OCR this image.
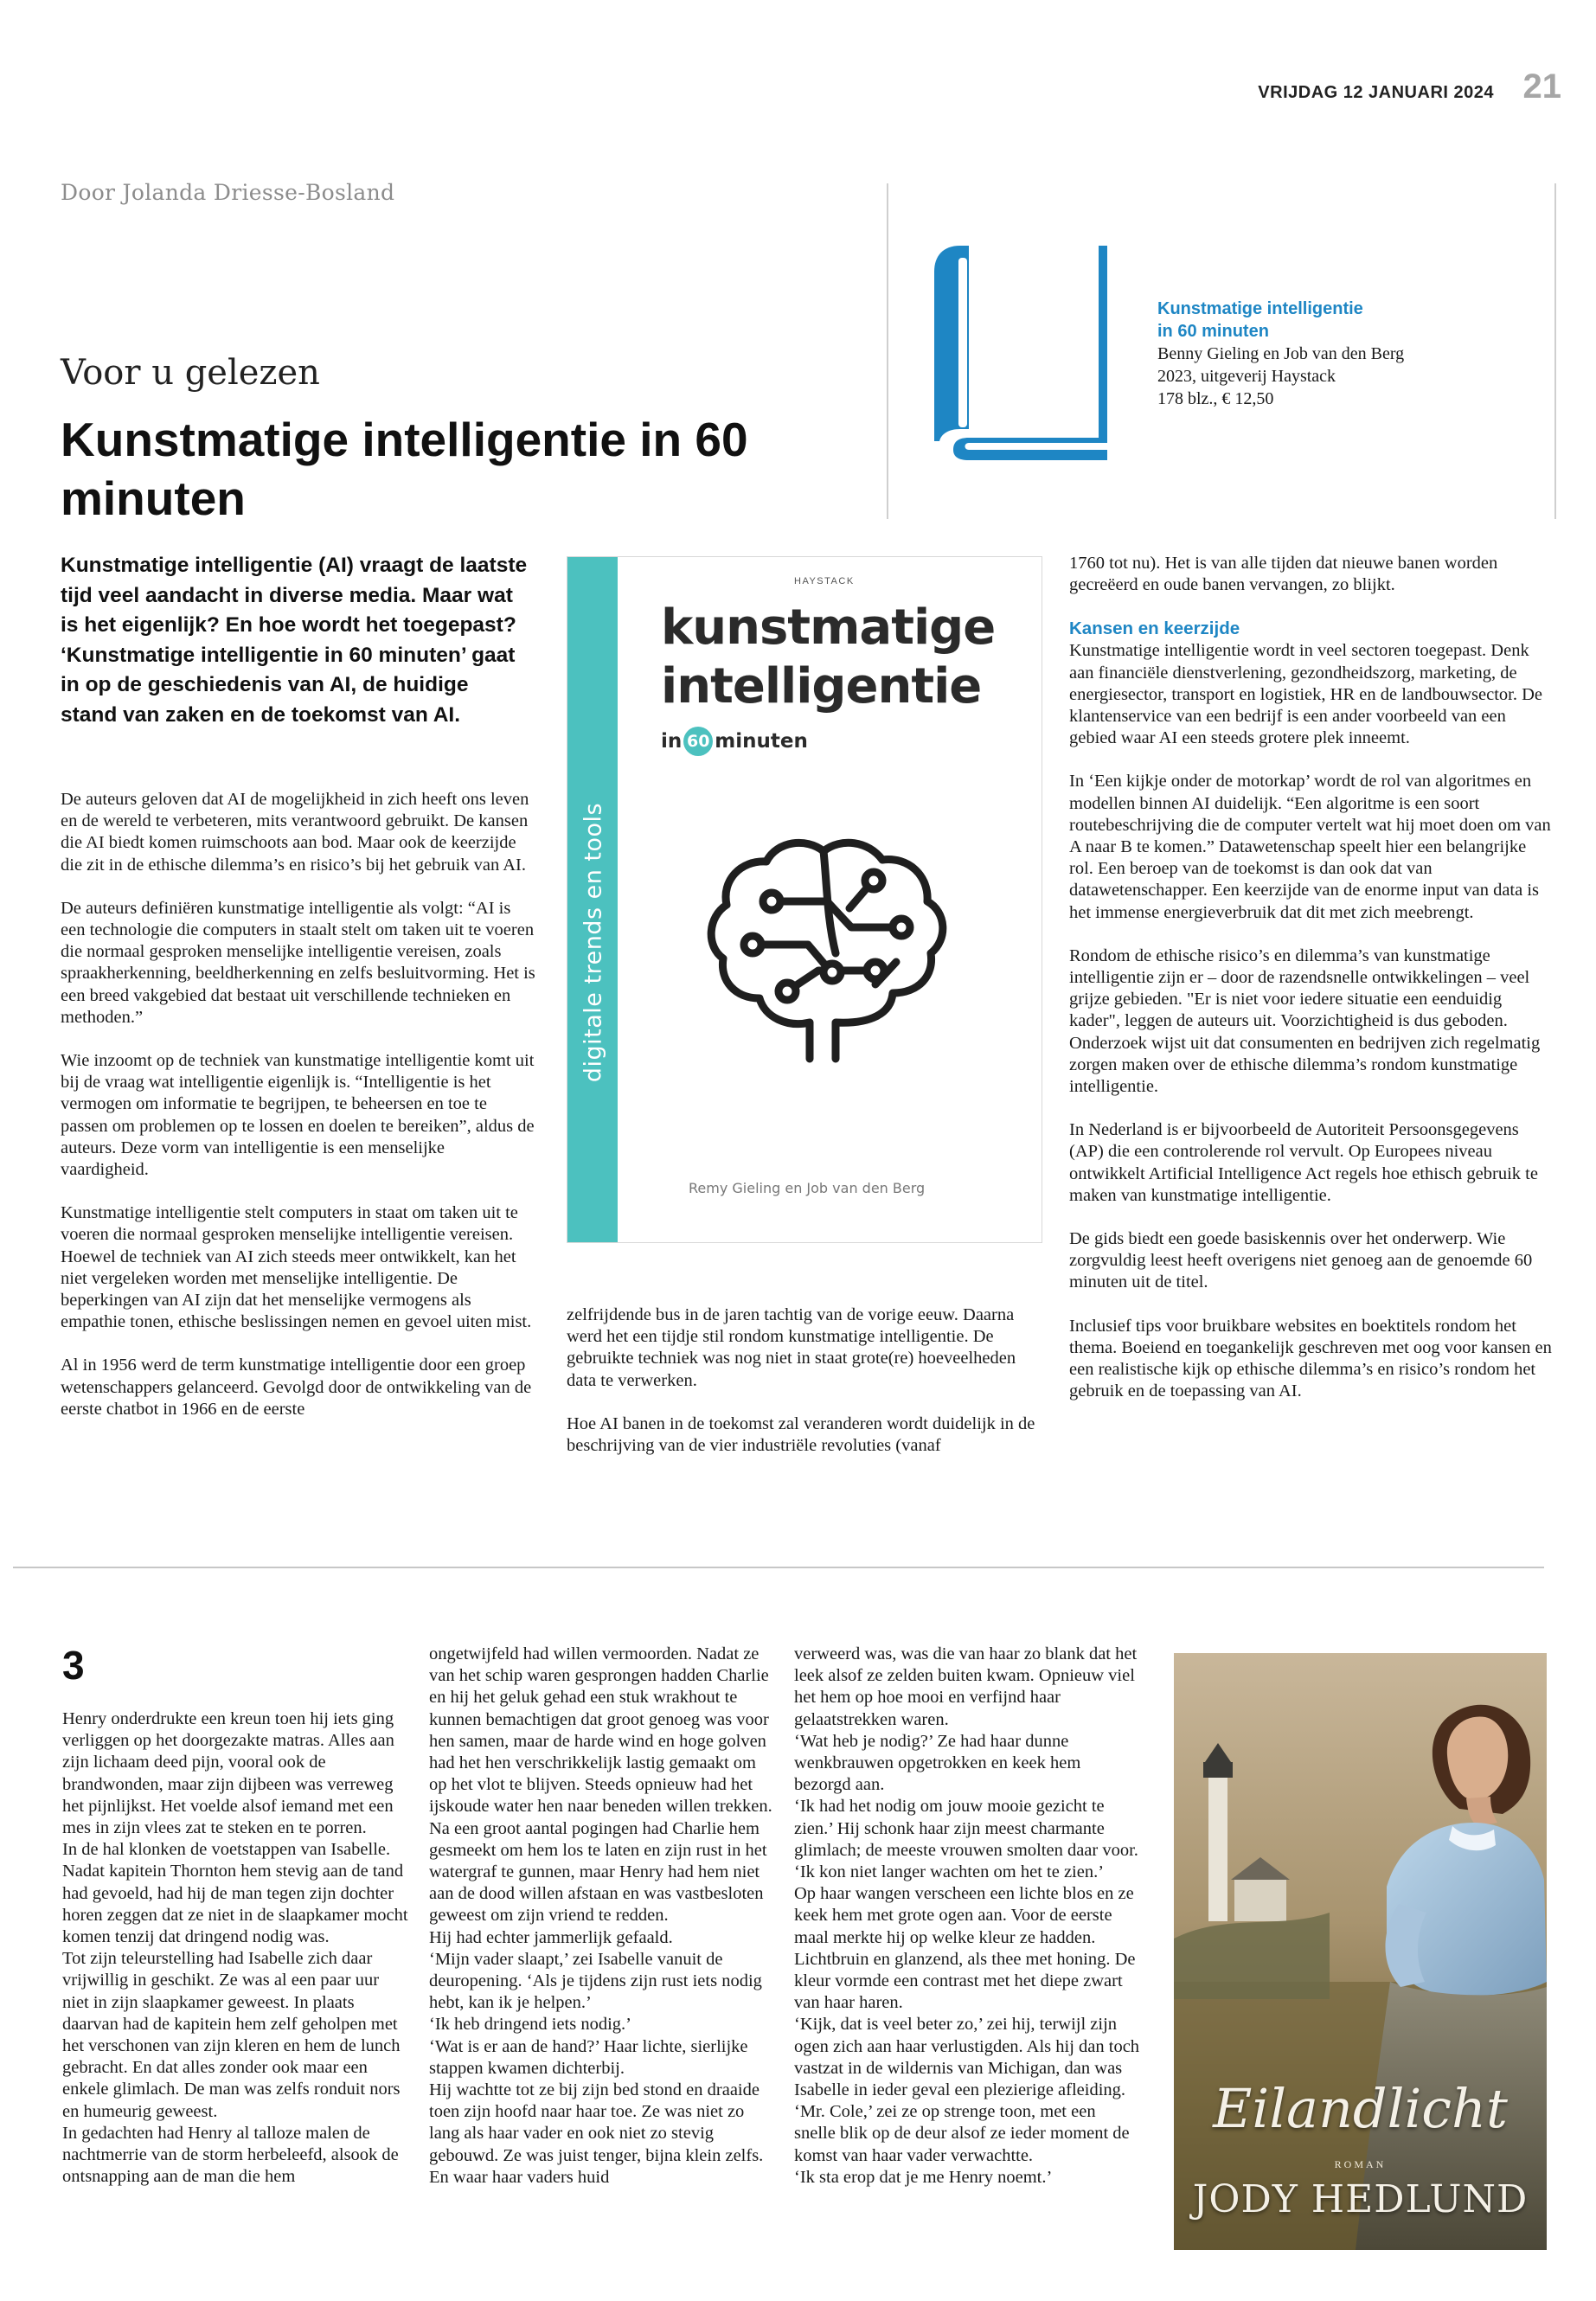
VRIJDAG 12 JANUARI 2024 21
Door Jolanda Driesse-Bosland
Voor u gelezen
Kunstmatige intelligentie in 60 minuten
Kunstmatige intelligentie
in 60 minuten
Benny Gieling en Job van den Berg
2023, uitgeverij Haystack
178 blz., € 12,50
Kunstmatige intelligentie (AI) vraagt de laatste tijd veel aandacht in diverse media. Maar wat is het eigenlijk? En hoe wordt het toegepast? ‘Kunstmatige intelligentie in 60 minuten’ gaat in op de geschiedenis van AI, de huidige stand van zaken en de toekomst van AI.

De auteurs geloven dat AI de mogelijkheid in zich heeft ons leven en de wereld te verbeteren, mits verantwoord gebruikt. De kansen die AI biedt komen ruimschoots aan bod. Maar ook de keerzijde die zit in de ethische dilemma’s en risico’s bij het gebruik van AI.

De auteurs definiëren kunstmatige intelligentie als volgt: “AI is een technologie die computers in staalt stelt om taken uit te voeren die normaal gesproken menselijke intelligentie vereisen, zoals spraakherkenning, beeldherkenning en zelfs besluitvorming. Het is een breed vakgebied dat bestaat uit verschillende technieken en methoden.”

Wie inzoomt op de techniek van kunstmatige intelligentie komt uit bij de vraag wat intelligentie eigenlijk is. “Intelligentie is het vermogen om informatie te begrijpen, te beheersen en toe te passen om problemen op te lossen en doelen te bereiken”, aldus de auteurs. Deze vorm van intelligentie is een menselijke vaardigheid.

Kunstmatige intelligentie stelt computers in staat om taken uit te voeren die normaal gesproken menselijke intelligentie vereisen. Hoewel de techniek van AI zich steeds meer ontwikkelt, kan het niet vergeleken worden met menselijke intelligentie. De beperkingen van AI zijn dat het menselijke vermogens als empathie tonen, ethische beslissingen nemen en gevoel uiten mist.

Al in 1956 werd de term kunstmatige intelligentie door een groep wetenschappers gelanceerd. Gevolgd door de ontwikkeling van de eerste chatbot in 1966 en de eerste

digitale trends en tools
HAYSTACK
kunstmatige
intelligentie
in 60 minuten
Remy Gieling en Job van den Berg

zelfrijdende bus in de jaren tachtig van de vorige eeuw. Daarna werd het een tijdje stil rondom kunstmatige intelligentie. De gebruikte techniek was nog niet in staat grote(re) hoeveelheden data te verwerken.

Hoe AI banen in de toekomst zal veranderen wordt duidelijk in de beschrijving van de vier industriële revoluties (vanaf

1760 tot nu). Het is van alle tijden dat nieuwe banen worden gecreëerd en oude banen vervangen, zo blijkt.

Kansen en keerzijde

Kunstmatige intelligentie wordt in veel sectoren toegepast. Denk aan financiële dienstverlening, gezondheidszorg, marketing, de energiesector, transport en logistiek, HR en de landbouwsector. De klantenservice van een bedrijf is een ander voorbeeld van een gebied waar AI een steeds grotere plek inneemt.

In ‘Een kijkje onder de motorkap’ wordt de rol van algoritmes en modellen binnen AI duidelijk. “Een algoritme is een soort routebeschrijving die de computer vertelt wat hij moet doen om van A naar B te komen.” Datawetenschap speelt hier een belangrijke rol. Een beroep van de toekomst is dan ook dat van datawetenschapper. Een keerzijde van de enorme input van data is het immense energieverbruik dat dit met zich meebrengt.

Rondom de ethische risico’s en dilemma’s van kunstmatige intelligentie zijn er – door de razendsnelle ontwikkelingen – veel grijze gebieden. "Er is niet voor iedere situatie een eenduidig kader", leggen de auteurs uit. Voorzichtigheid is dus geboden. Onderzoek wijst uit dat consumenten en bedrijven zich regelmatig zorgen maken over de ethische dilemma’s rondom kunstmatige intelligentie.

In Nederland is er bijvoorbeeld de Autoriteit Persoonsgegevens (AP) die een controlerende rol vervult. Op Europees niveau ontwikkelt Artificial Intelligence Act regels hoe ethisch gebruik te maken van kunstmatige intelligentie.

De gids biedt een goede basiskennis over het onderwerp. Wie zorgvuldig leest heeft overigens niet genoeg aan de genoemde 60 minuten uit de titel.

Inclusief tips voor bruikbare websites en boektitels rondom het thema. Boeiend en toegankelijk geschreven met oog voor kansen en een realistische kijk op ethische dilemma’s en risico’s rondom het gebruik en de toepassing van AI.

3

Henry onderdrukte een kreun toen hij iets ging verliggen op het doorgezakte matras. Alles aan zijn lichaam deed pijn, vooral ook de brandwonden, maar zijn dijbeen was verreweg het pijnlijkst. Het voelde alsof iemand met een mes in zijn vlees zat te steken en te porren.

In de hal klonken de voetstappen van Isabelle. Nadat kapitein Thornton hem stevig aan de tand had gevoeld, had hij de man tegen zijn dochter horen zeggen dat ze niet in de slaapkamer mocht komen tenzij dat dringend nodig was.

Tot zijn teleurstelling had Isabelle zich daar vrijwillig in geschikt. Ze was al een paar uur niet in zijn slaapkamer geweest. In plaats daarvan had de kapitein hem zelf geholpen met het verschonen van zijn kleren en hem de lunch gebracht. En dat alles zonder ook maar een enkele glimlach. De man was zelfs ronduit nors en humeurig geweest.

In gedachten had Henry al talloze malen de nachtmerrie van de storm herbeleefd, alsook de ontsnapping aan de man die hem

ongetwijfeld had willen vermoorden. Nadat ze van het schip waren gesprongen hadden Charlie en hij het geluk gehad een stuk wrakhout te kunnen bemachtigen dat groot genoeg was voor hen samen, maar de harde wind en hoge golven had het hen verschrikkelijk lastig gemaakt om op het vlot te blijven. Steeds opnieuw had het ijskoude water hen naar beneden willen trekken. Na een groot aantal pogingen had Charlie hem gesmeekt om hem los te laten en zijn rust in het watergraf te gunnen, maar Henry had hem niet aan de dood willen afstaan en was vastbesloten geweest om zijn vriend te redden.

Hij had echter jammerlijk gefaald.

‘Mijn vader slaapt,’ zei Isabelle vanuit de deuropening. ‘Als je tijdens zijn rust iets nodig hebt, kan ik je helpen.’

‘Ik heb dringend iets nodig.’

‘Wat is er aan de hand?’ Haar lichte, sierlijke stappen kwamen dichterbij.

Hij wachtte tot ze bij zijn bed stond en draaide toen zijn hoofd naar haar toe. Ze was niet zo lang als haar vader en ook niet zo stevig gebouwd. Ze was juist tenger, bijna klein zelfs. En waar haar vaders huid

verweerd was, was die van haar zo blank dat het leek alsof ze zelden buiten kwam. Opnieuw viel het hem op hoe mooi en verfijnd haar gelaatstrekken waren.

‘Wat heb je nodig?’ Ze had haar dunne wenkbrauwen opgetrokken en keek hem bezorgd aan.

‘Ik had het nodig om jouw mooie gezicht te zien.’ Hij schonk haar zijn meest charmante glimlach; de meeste vrouwen smolten daar voor. ‘Ik kon niet langer wachten om het te zien.’

Op haar wangen verscheen een lichte blos en ze keek hem met grote ogen aan. Voor de eerste maal merkte hij op welke kleur ze hadden. Lichtbruin en glanzend, als thee met honing. De kleur vormde een contrast met het diepe zwart van haar haren.

‘Kijk, dat is veel beter zo,’ zei hij, terwijl zijn ogen zich aan haar verlustigden. Als hij dan toch vastzat in de wildernis van Michigan, dan was Isabelle in ieder geval een plezierige afleiding.

‘Mr. Cole,’ zei ze op strenge toon, met een snelle blik op de deur alsof ze ieder moment de komst van haar vader verwachtte.

‘Ik sta erop dat je me Henry noemt.’

Eilandlicht
ROMAN
JODY HEDLUND
